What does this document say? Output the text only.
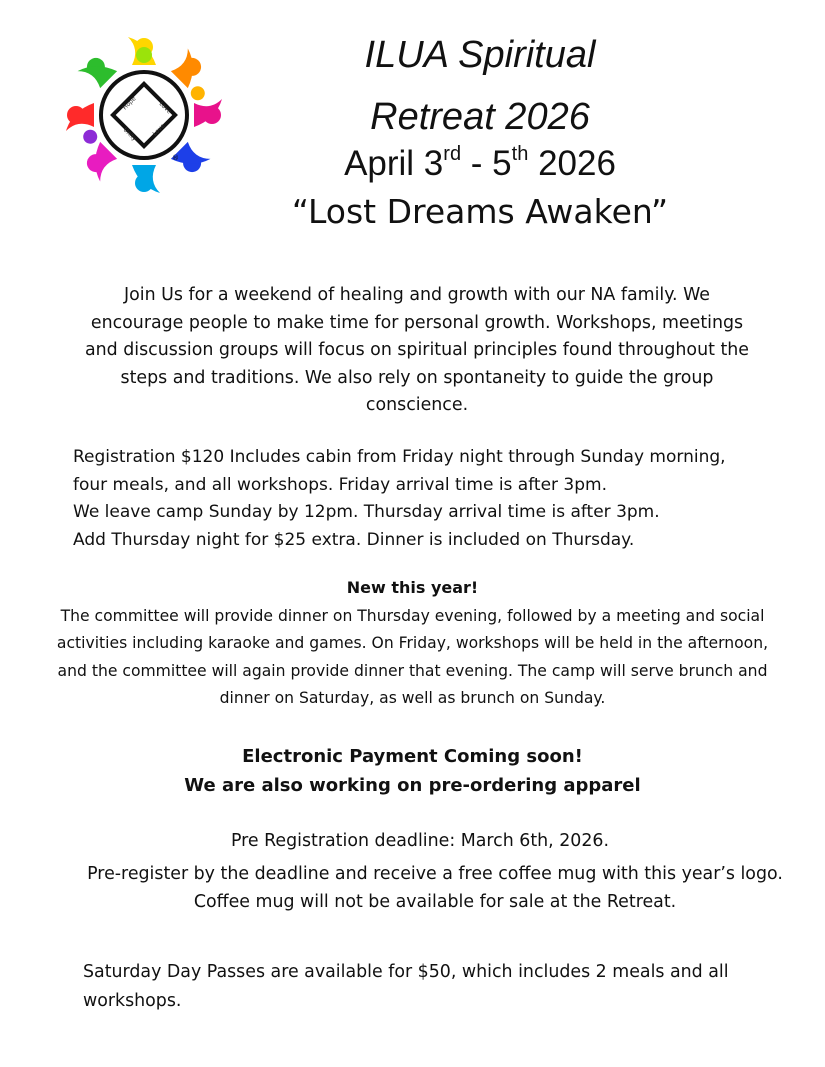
Hope	Love
Unity Love
®
ILUA Spiritual
Retreat 2026
April 3rd - 5th 2026
“Lost Dreams Awaken”
Join Us for a weekend of healing and growth with our NA family. We encourage people to make time for personal growth. Workshops, meetings and discussion groups will focus on spiritual principles found throughout the steps and traditions. We also rely on spontaneity to guide the group conscience.
Registration $120 Includes cabin from Friday night through Sunday morning,
four meals, and all workshops. Friday arrival time is after 3pm.
We leave camp Sunday by 12pm. Thursday arrival time is after 3pm.
Add Thursday night for $25 extra. Dinner is included on Thursday.
New this year!
The committee will provide dinner on Thursday evening, followed by a meeting and social activities including karaoke and games. On Friday, workshops will be held in the afternoon, and the committee will again provide dinner that evening. The camp will serve brunch and dinner on Saturday, as well as brunch on Sunday.
Electronic Payment Coming soon!
We are also working on pre-ordering apparel
Pre Registration deadline: March 6th, 2026.
Pre-register by the deadline and receive a free coffee mug with this year’s logo. Coffee mug will not be available for sale at the Retreat.
Saturday Day Passes are available for $50, which includes 2 meals and all workshops.
